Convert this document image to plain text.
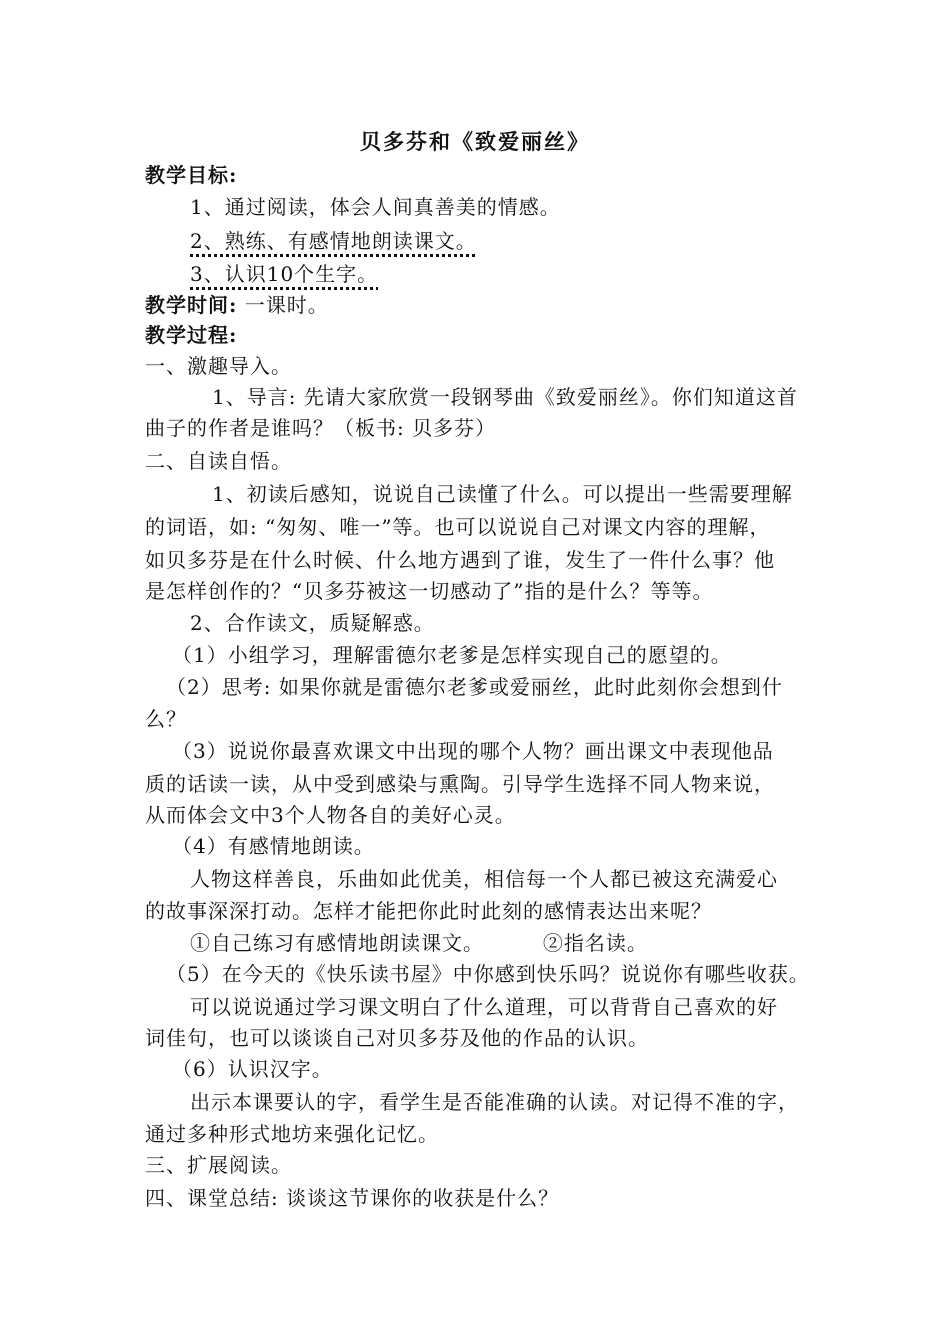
贝多芬和《致爱丽丝》
教学目标:
1、通过阅读，体会人间真善美的情感。
2、熟练、有感情地朗读课文。
3、认识10个生字。
教学时间: 一课时。
教学过程:
一、激趣导入。
1、导言: 先请大家欣赏一段钢琴曲《致爱丽丝》。你们知道这首
曲子的作者是谁吗？（板书: 贝多芬）
二、自读自悟。
1、初读后感知，说说自己读懂了什么。可以提出一些需要理解
的词语，如: “匆匆、唯一”等。也可以说说自己对课文内容的理解，
如贝多芬是在什么时候、什么地方遇到了谁，发生了一件什么事？他
是怎样创作的？“贝多芬被这一切感动了”指的是什么？等等。
2、合作读文，质疑解惑。
（1）小组学习，理解雷德尔老爹是怎样实现自己的愿望的。
（2）思考: 如果你就是雷德尔老爹或爱丽丝，此时此刻你会想到什
么？
（3）说说你最喜欢课文中出现的哪个人物？画出课文中表现他品
质的话读一读，从中受到感染与熏陶。引导学生选择不同人物来说，
从而体会文中3个人物各自的美好心灵。
（4）有感情地朗读。
人物这样善良，乐曲如此优美，相信每一个人都已被这充满爱心
的故事深深打动。怎样才能把你此时此刻的感情表达出来呢？
①自己练习有感情地朗读课文。        ②指名读。
（5）在今天的《快乐读书屋》中你感到快乐吗？说说你有哪些收获。
可以说说通过学习课文明白了什么道理，可以背背自己喜欢的好
词佳句，也可以谈谈自己对贝多芬及他的作品的认识。
（6）认识汉字。
出示本课要认的字，看学生是否能准确的认读。对记得不准的字，
通过多种形式地坊来强化记忆。
三、扩展阅读。
四、课堂总结: 谈谈这节课你的收获是什么？
